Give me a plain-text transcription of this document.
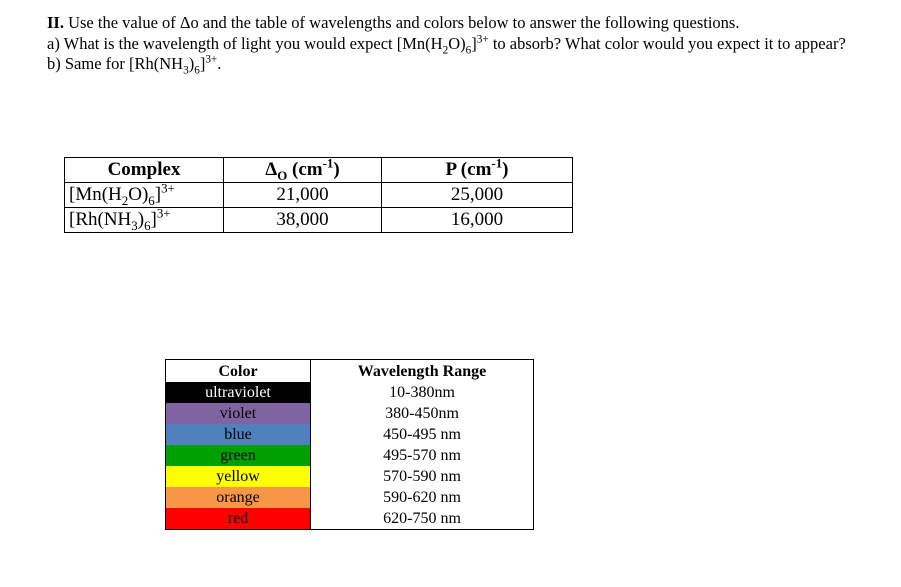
II. Use the value of Δo and the table of wavelengths and colors below to answer the following questions.

a) What is the wavelength of light you would expect $[Mn(H_2O)_6]^{3+}$ to absorb? What color would you expect it to appear?

b) Same for $[Rh(NH_3)_6]^{3+}$.

Complex	$\Delta_O$ $(cm^{-1})$	P $(cm^{-1})$
$[Mn(H_2O)_6]^{3+}$	21,000	25,000
$[Rh(NH_3)_6]^{3+}$	38,000	16,000
Color	Wavelength Range
ultraviolet	10-380nm
violet	380-450nm
blue	450-495 nm
green	495-570 nm
yellow	570-590 nm
orange	590-620 nm
red	620-750 nm
